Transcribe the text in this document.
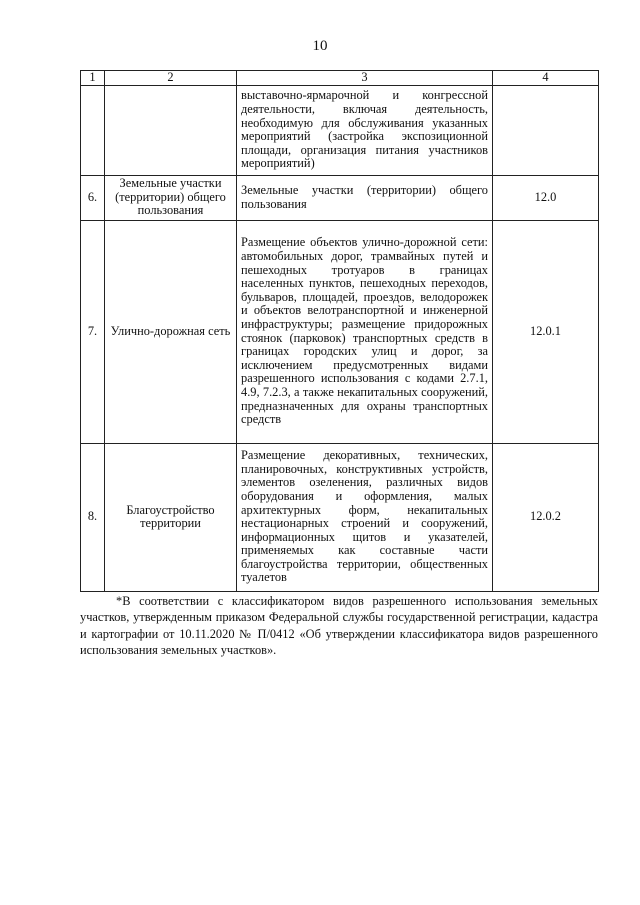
10
1	2	3	4

		выставочно-ярмарочной и конгрессной деятельности, включая деятельность, необходимую для обслуживания указанных мероприятий (застройка экспозиционной площади, организация питания участников мероприятий)	

6.	Земельные участки (территории) общего пользования	Земельные участки (территории) общего пользования	12.0
7.	Улично-дорожная сеть	Размещение объектов улично-дорожной сети: автомобильных дорог, трамвайных путей и пешеходных тротуаров в границах населенных пунктов, пешеходных переходов, бульваров, площадей, проездов, велодорожек и объектов велотранспортной и инженерной инфраструктуры; размещение придорожных стоянок (парковок) транспортных средств в границах городских улиц и дорог, за исключением предусмотренных видами разрешенного использования с кодами 2.7.1, 4.9, 7.2.3, а также некапитальных сооружений, предназначенных для охраны транспортных средств	12.0.1
8.	Благоустройство территории	Размещение декоративных, технических, планировочных, конструктивных устройств, элементов озеленения, различных видов оборудования и оформления, малых архитектурных форм, некапитальных нестационарных строений и сооружений, информационных щитов и указателей, применяемых как составные части благоустройства территории, общественных туалетов	12.0.2

*В соответствии с классификатором видов разрешенного использования земельных участков, утвержденным приказом Федеральной службы государственной регистрации, кадастра и картографии от 10.11.2020 № П/0412 «Об утверждении классификатора видов разрешенного использования земельных участков».
